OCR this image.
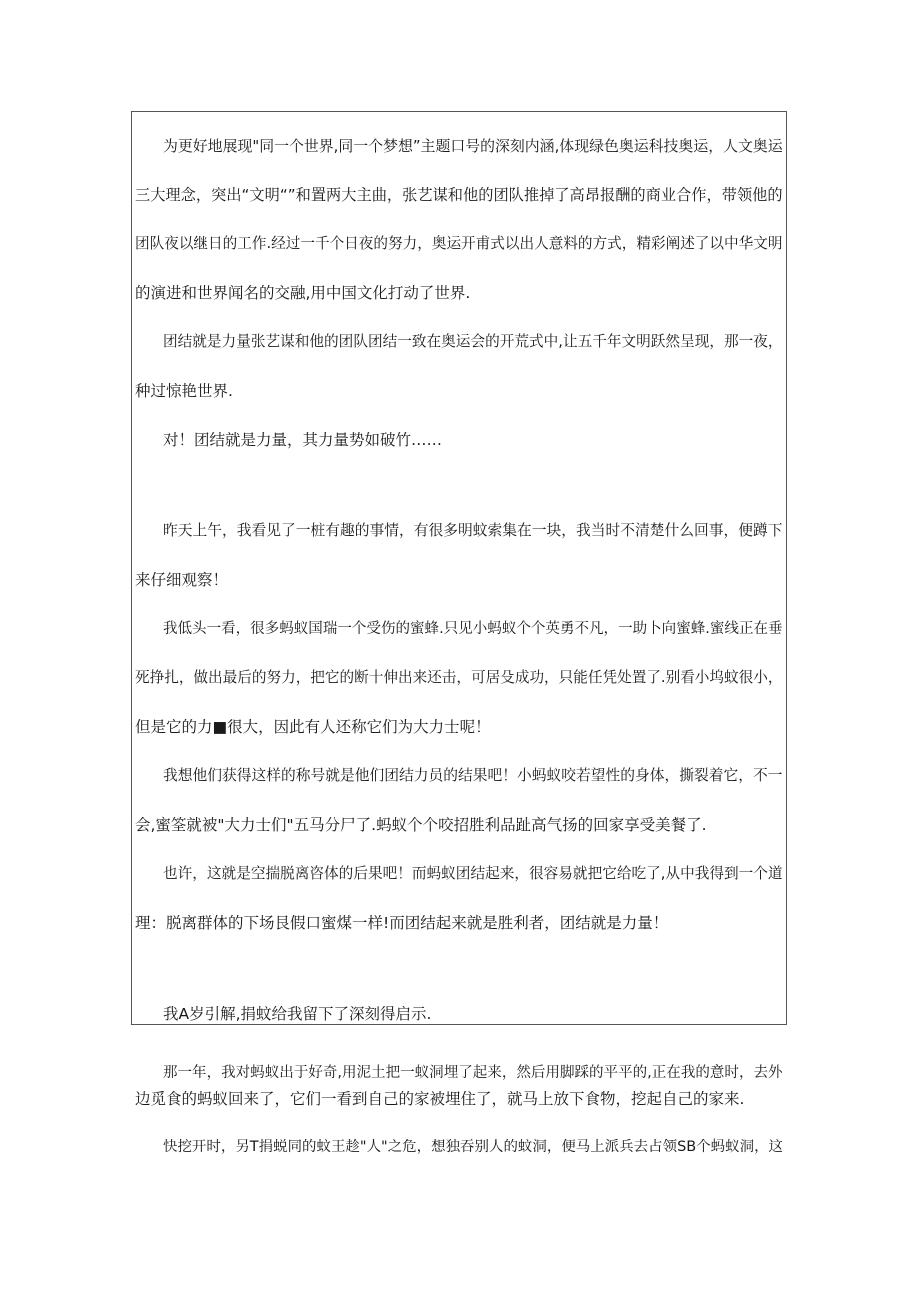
为更好地展现"同一个世界,同一个梦想”主题口号的深刻内涵,体现绿色奥运科技奥运，人文奥运
三大理念，突出“文明“”和置两大主曲，张艺谋和他的团队推掉了高昂报酬的商业合作，带领他的
团队夜以继日的工作.经过一千个日夜的努力，奥运开甫式以出人意料的方式，精彩阐述了以中华文明
的演进和世界闻名的交融,用中国文化打动了世界.
团结就是力量张艺谋和他的团队团结一致在奥运会的开荒式中,让五千年文明跃然呈现，那一夜，
种过惊艳世界.
对！团结就是力量，其力量势如破竹……
昨天上午，我看见了一桩有趣的事情，有很多明蚊索集在一块，我当时不清楚什么回事，便蹲下
来仔细观察！
我低头一看，很多蚂蚁国瑞一个受伤的蜜蜂.只见小蚂蚁个个英勇不凡，一助卜向蜜蜂.蜜线正在垂
死挣扎，做出最后的努力，把它的断十伸出来还击，可居殳成功，只能任凭处置了.别看小坞蚊很小，
但是它的力■很大，因此有人还称它们为大力士呢！
我想他们获得这样的称号就是他们团结力员的结果吧！小蚂蚁咬若望性的身体，撕裂着它，不一
会,蜜筌就被"大力士们"五马分尸了.蚂蚁个个咬招胜利品趾高气扬的回家享受美餐了.
也许，这就是空揣脱离咨体的后果吧！而蚂蚁团结起来，很容易就把它给吃了,从中我得到一个道
理：脱离群体的下场艮假口蜜煤一样!而团结起来就是胜利者，团结就是力量！
我A岁引解,捐蚊给我留下了深刻得启示.
那一年，我对蚂蚁出于好奇,用泥土把一蚁洞埋了起来，然后用脚踩的平平的,正在我的意时，去外
边觅食的蚂蚁回来了，它们一看到自己的家被埋住了，就马上放下食物，挖起自己的家来.
快挖开时，另T捐蜕同的蚊王趁"人"之危，想独吞别人的蚊洞，便马上派兵去占领SB个蚂蚁洞，这
